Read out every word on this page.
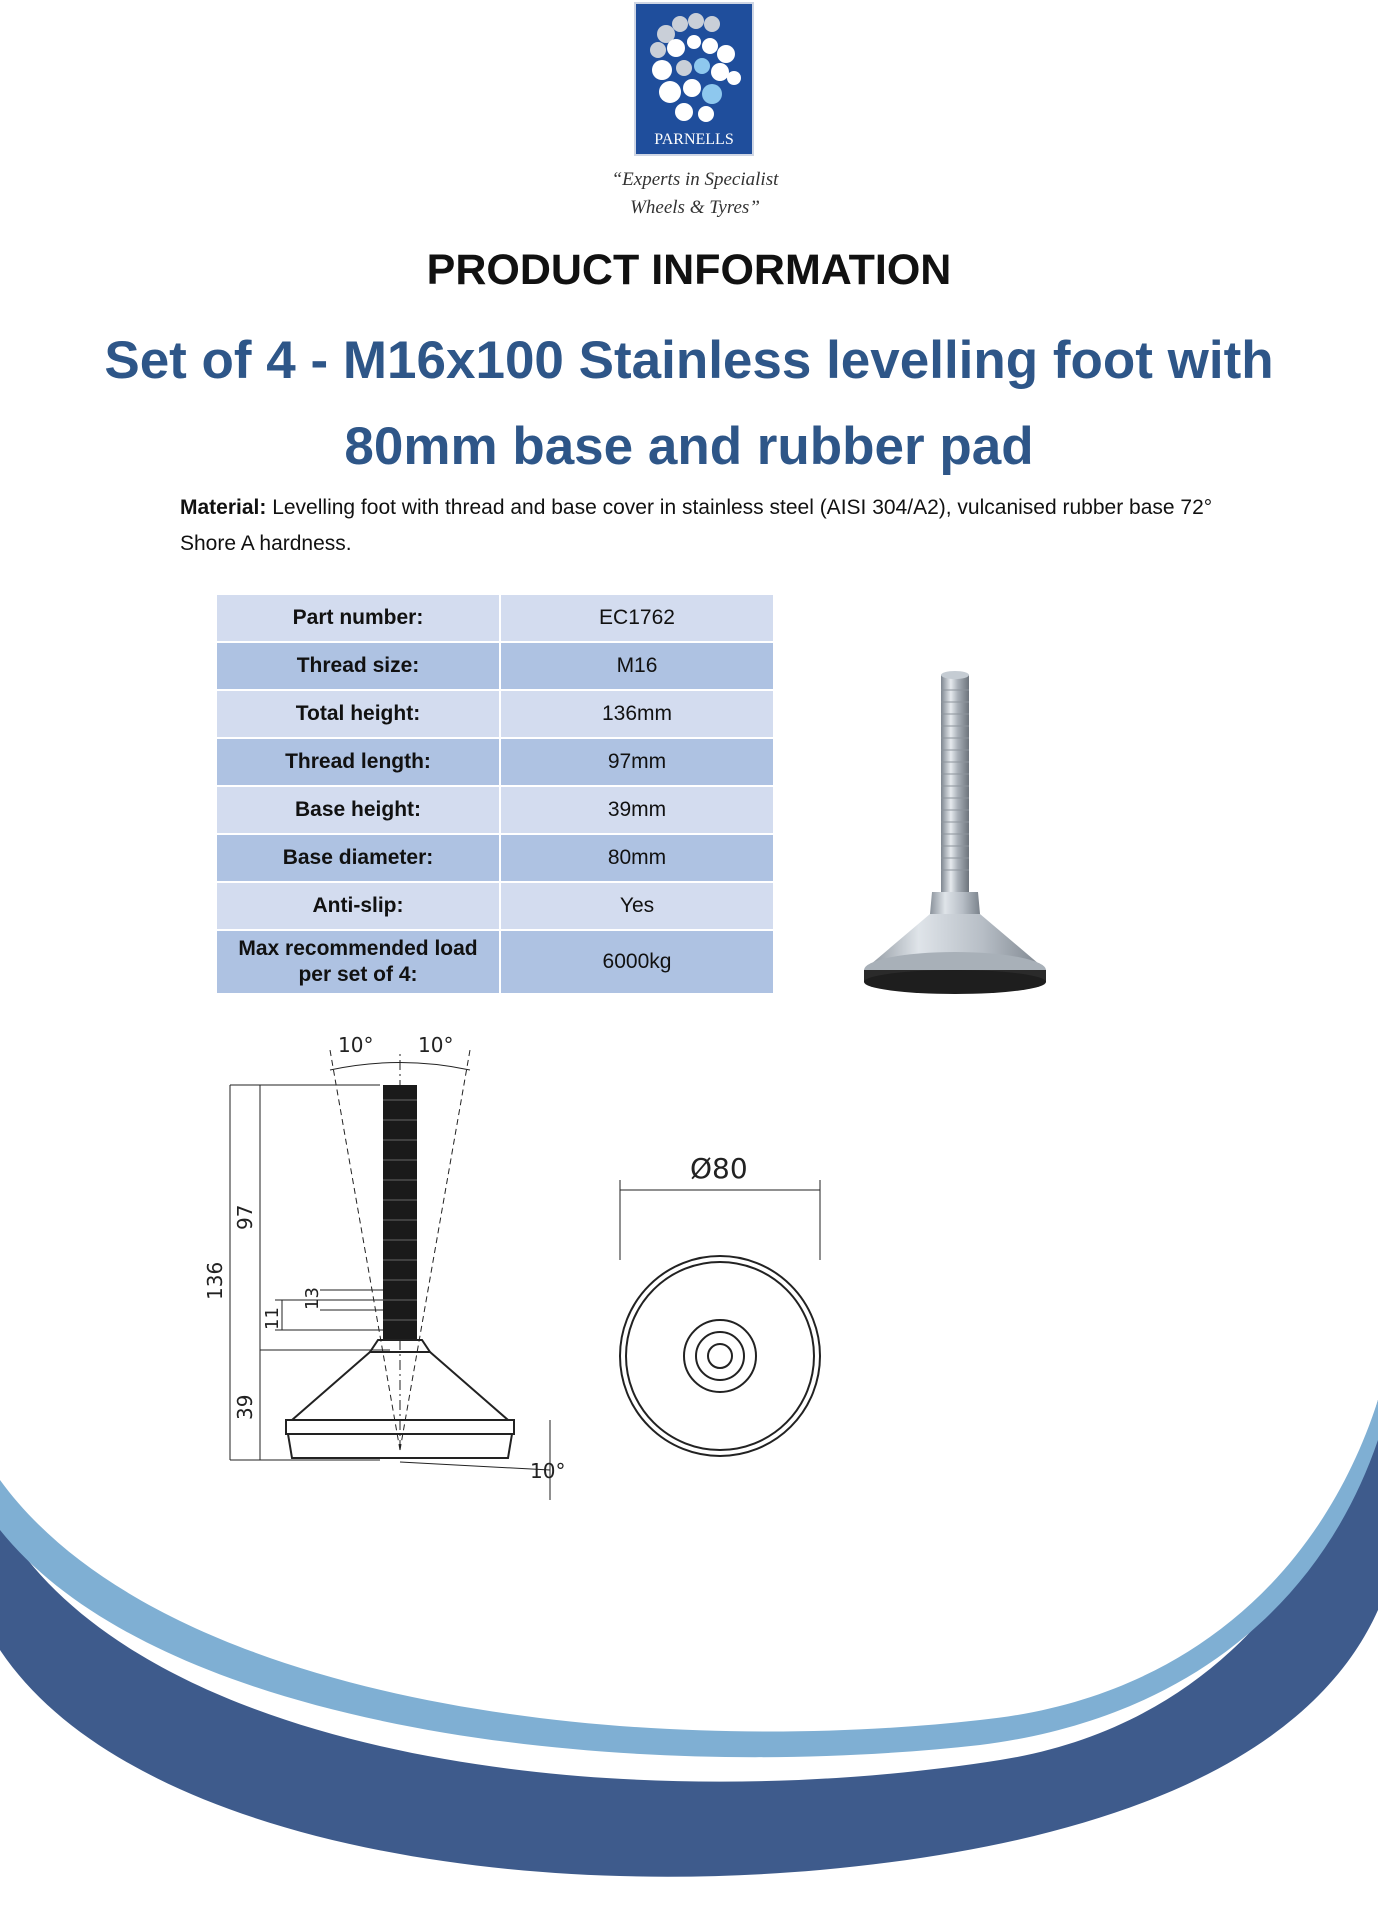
PARNELLS
“Experts in Specialist
Wheels & Tyres”
PRODUCT INFORMATION
Set of 4 - M16x100 Stainless levelling foot with 80mm base and rubber pad
Material: Levelling foot with thread and base cover in stainless steel (AISI 304/A2), vulcanised rubber base 72° Shore A hardness.
Part number:	EC1762
Thread size:	M16
Total height:	136mm
Thread length:	97mm
Base height:	39mm
Base diameter:	80mm
Anti-slip:	Yes
Max recommended load per set of 4:	6000kg
10° 10°
136
97
11
13
39
10°
Ø80
